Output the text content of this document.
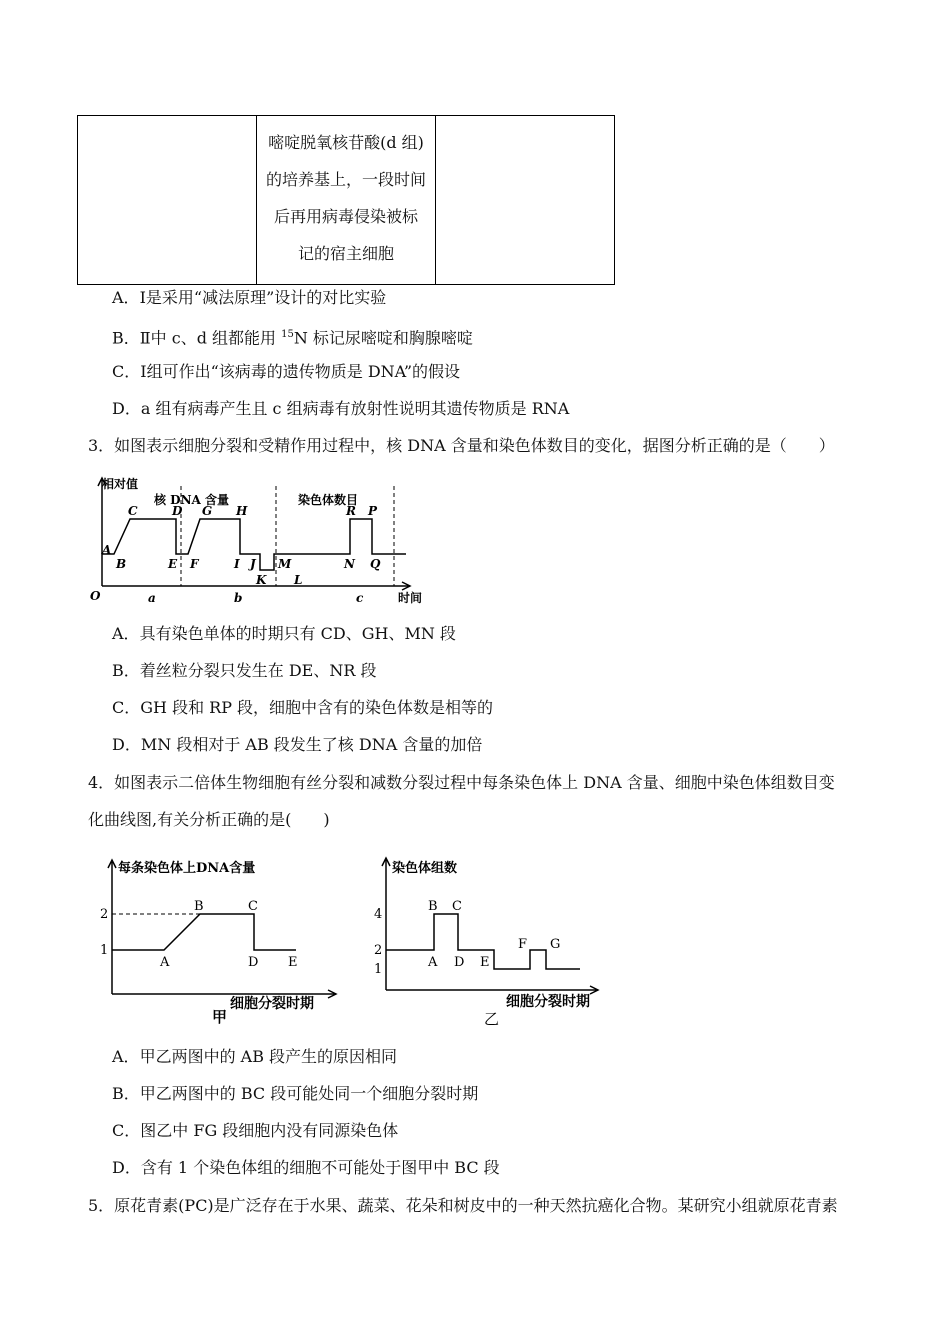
嘧啶脱氧核苷酸(d 组)
的培养基上，一段时间
后再用病毒侵染被标
记的宿主细胞

A．Ⅰ是采用“减法原理”设计的对比实验
B．Ⅱ中 c、d 组都能用 $^{15}$N 标记尿嘧啶和胸腺嘧啶
C．Ⅰ组可作出“该病毒的遗传物质是 DNA”的假设
D．a 组有病毒产生且 c 组病毒有放射性说明其遗传物质是 RNA
3．如图表示细胞分裂和受精作用过程中，核 DNA 含量和染色体数目的变化，据图分析正确的是（　　）
相对值
核 DNA 含量	染色体数目
A
B
C	D
E F
G H
I J
K
M
L
R P
N Q
O	a	b	c	时间
A．具有染色单体的时期只有 CD、GH、MN 段
B．着丝粒分裂只发生在 DE、NR 段
C．GH 段和 RP 段，细胞中含有的染色体数是相等的
D．MN 段相对于 AB 段发生了核 DNA 含量的加倍
4．如图表示二倍体生物细胞有丝分裂和减数分裂过程中每条染色体上 DNA 含量、细胞中染色体组数目变
化曲线图,有关分析正确的是(　　)
每条染色体上DNA含量
2
1
B	C
A	D E
细胞分裂时期
甲
染色体组数
4
2
1
B C
A D E
F G
细胞分裂时期
乙
A．甲乙两图中的 AB 段产生的原因相同
B．甲乙两图中的 BC 段可能处同一个细胞分裂时期
C．图乙中 FG 段细胞内没有同源染色体
D．含有 1 个染色体组的细胞不可能处于图甲中 BC 段
5．原花青素(PC)是广泛存在于水果、蔬菜、花朵和树皮中的一种天然抗癌化合物。某研究小组就原花青素
